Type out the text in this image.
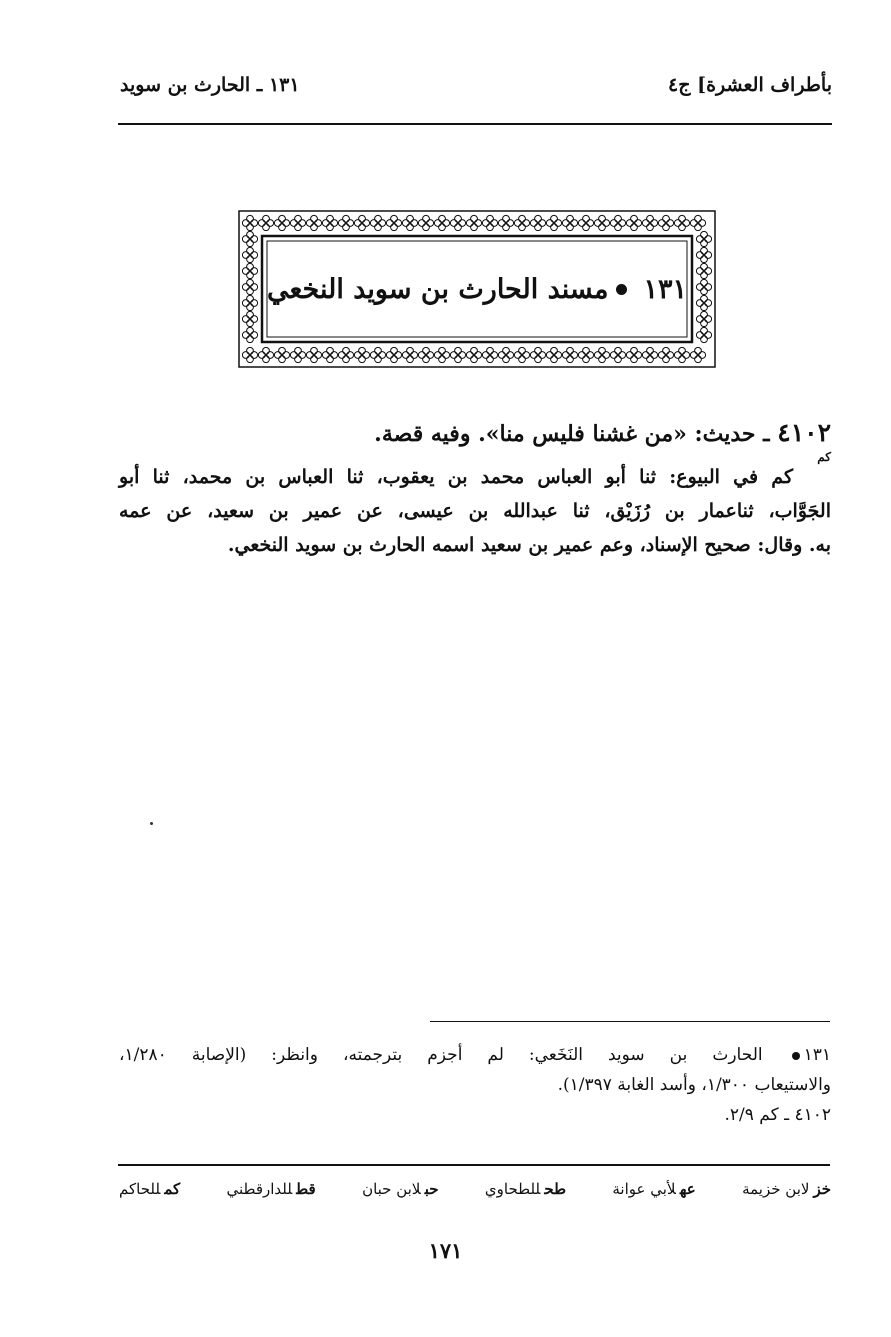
بأطراف العشرة] ج٤
١٣١ ـ الحارث بن سويد
١٣١
مسند الحارث بن سويد النخعي
٤١٠٢ ـ حديث: «من غشنا فليس منا». وفيه قصة.
كم
كم في البيوع: ثنا أبو العباس محمد بن يعقوب، ثنا العباس بن محمد، ثنا أبو
الجَوَّاب، ثناعمار بن رُزَيْق، ثنا عبدالله بن عيسى، عن عمير بن سعيد، عن عمه
به. وقال: صحيح الإسناد، وعم عمير بن سعيد اسمه الحارث بن سويد النخعي.
١٣١ الحارث بن سويد النَخَعي: لم أجزم بترجمته، وانظر: (الإصابة ١/٢٨٠،
والاستيعاب ١/٣٠٠، وأسد الغابة ١/٣٩٧).
٤١٠٢ ـ كم ٢/٩.
خزلابن خزيمة
عهلأبي عوانة
طحللطحاوي
حبلابن حبان
قطللدارقطني
كمللحاكم
١٧١
